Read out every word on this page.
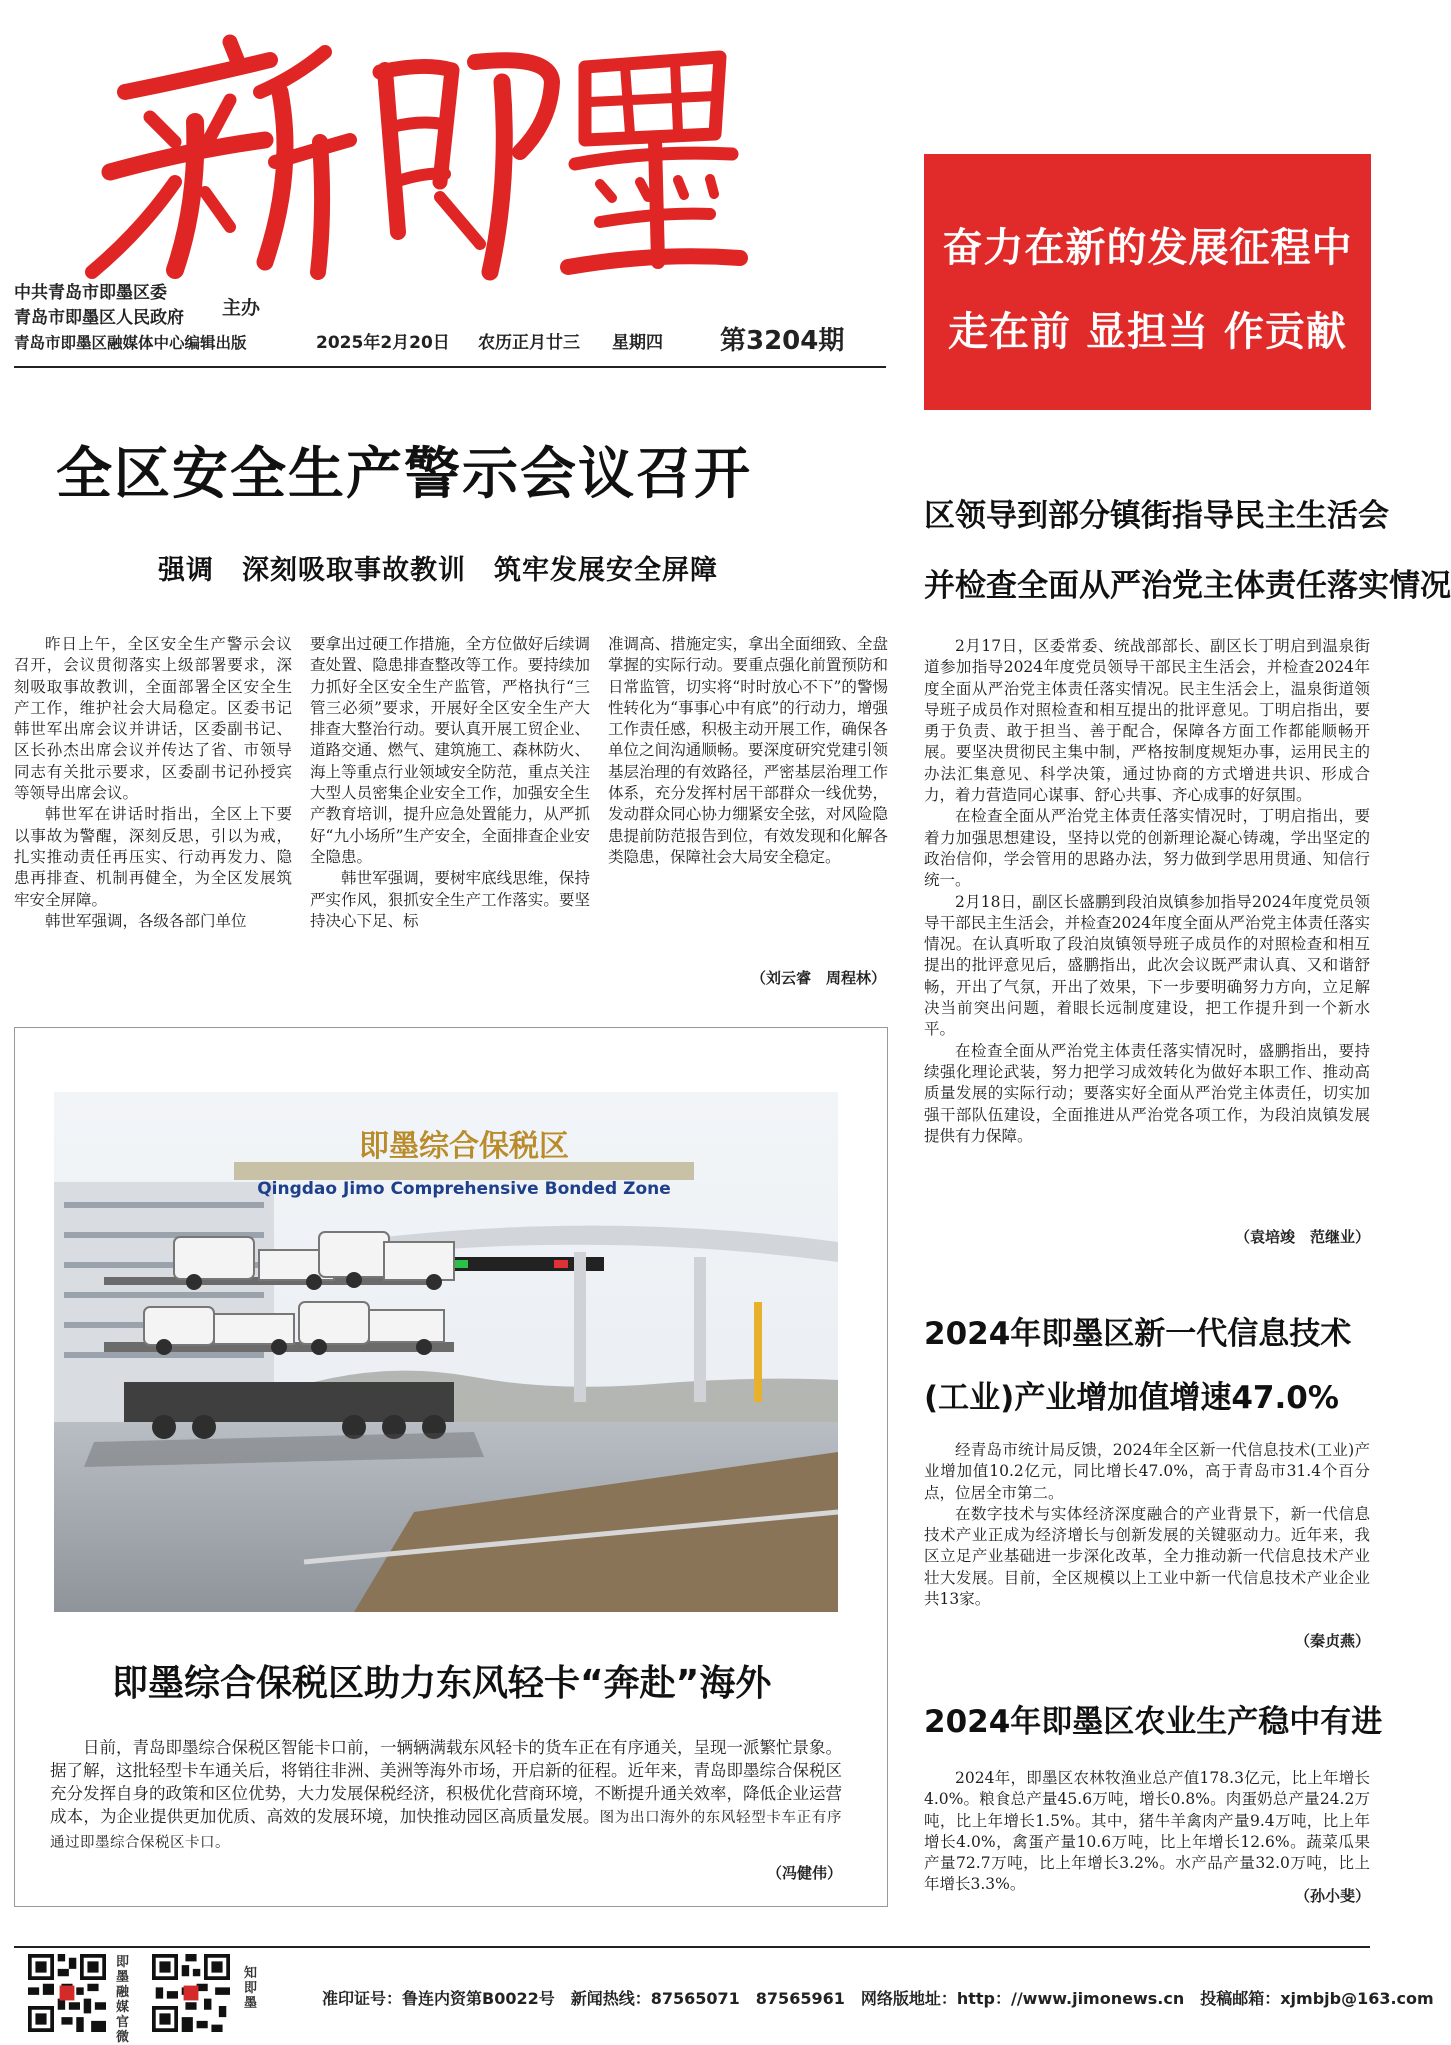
中共青岛市即墨区委
青岛市即墨区人民政府 主办
青岛市即墨区融媒体中心编辑出版	2025年2月20日 农历正月廿三 星期四 第3204期
奋力在新的发展征程中
走在前 显担当 作贡献
全区安全生产警示会议召开
强调　深刻吸取事故教训　筑牢发展安全屏障

昨日上午，全区安全生产警示会议召开，会议贯彻落实上级部署要求，深刻吸取事故教训，全面部署全区安全生产工作，维护社会大局稳定。区委书记韩世军出席会议并讲话，区委副书记、区长孙杰出席会议并传达了省、市领导同志有关批示要求，区委副书记孙授宾等领导出席会议。

韩世军在讲话时指出，全区上下要以事故为警醒，深刻反思，引以为戒，扎实推动责任再压实、行动再发力、隐患再排查、机制再健全，为全区发展筑牢安全屏障。

韩世军强调，各级各部门单位

要拿出过硬工作措施，全方位做好后续调查处置、隐患排查整改等工作。要持续加力抓好全区安全生产监管，严格执行“三管三必须”要求，开展好全区安全生产大排查大整治行动。要认真开展工贸企业、道路交通、燃气、建筑施工、森林防火、海上等重点行业领域安全防范，重点关注大型人员密集企业安全工作，加强安全生产教育培训，提升应急处置能力，从严抓好“九小场所”生产安全，全面排查企业安全隐患。

韩世军强调，要树牢底线思维，保持严实作风，狠抓安全生产工作落实。要坚持决心下足、标

准调高、措施定实，拿出全面细致、全盘掌握的实际行动。要重点强化前置预防和日常监管，切实将“时时放心不下”的警惕性转化为“事事心中有底”的行动力，增强工作责任感，积极主动开展工作，确保各单位之间沟通顺畅。要深度研究党建引领基层治理的有效路径，严密基层治理工作体系，充分发挥村居干部群众一线优势，发动群众同心协力绷紧安全弦，对风险隐患提前防范报告到位，有效发现和化解各类隐患，保障社会大局安全稳定。

（刘云睿　周程林）
即墨综合保税区
Qingdao Jimo Comprehensive Bonded Zone
即墨综合保税区助力东风轻卡“奔赴”海外

日前，青岛即墨综合保税区智能卡口前，一辆辆满载东风轻卡的货车正在有序通关，呈现一派繁忙景象。据了解，这批轻型卡车通关后，将销往非洲、美洲等海外市场，开启新的征程。近年来，青岛即墨综合保税区充分发挥自身的政策和区位优势，大力发展保税经济，积极优化营商环境，不断提升通关效率，降低企业运营成本，为企业提供更加优质、高效的发展环境，加快推动园区高质量发展。图为出口海外的东风轻型卡车正有序通过即墨综合保税区卡口。

（冯健伟）
区领导到部分镇街指导民主生活会
并检查全面从严治党主体责任落实情况

2月17日，区委常委、统战部部长、副区长丁明启到温泉街道参加指导2024年度党员领导干部民主生活会，并检查2024年度全面从严治党主体责任落实情况。民主生活会上，温泉街道领导班子成员作对照检查和相互提出的批评意见。丁明启指出，要勇于负责、敢于担当、善于配合，保障各方面工作都能顺畅开展。要坚决贯彻民主集中制，严格按制度规矩办事，运用民主的办法汇集意见、科学决策，通过协商的方式增进共识、形成合力，着力营造同心谋事、舒心共事、齐心成事的好氛围。

在检查全面从严治党主体责任落实情况时，丁明启指出，要着力加强思想建设，坚持以党的创新理论凝心铸魂，学出坚定的政治信仰，学会管用的思路办法，努力做到学思用贯通、知信行统一。

2月18日，副区长盛鹏到段泊岚镇参加指导2024年度党员领导干部民主生活会，并检查2024年度全面从严治党主体责任落实情况。在认真听取了段泊岚镇领导班子成员作的对照检查和相互提出的批评意见后，盛鹏指出，此次会议既严肃认真、又和谐舒畅，开出了气氛，开出了效果，下一步要明确努力方向，立足解决当前突出问题，着眼长远制度建设，把工作提升到一个新水平。

在检查全面从严治党主体责任落实情况时，盛鹏指出，要持续强化理论武装，努力把学习成效转化为做好本职工作、推动高质量发展的实际行动；要落实好全面从严治党主体责任，切实加强干部队伍建设，全面推进从严治党各项工作，为段泊岚镇发展提供有力保障。

（袁培竣　范继业）
2024年即墨区新一代信息技术
(工业)产业增加值增速47.0%

经青岛市统计局反馈，2024年全区新一代信息技术(工业)产业增加值10.2亿元，同比增长47.0%，高于青岛市31.4个百分点，位居全市第二。

在数字技术与实体经济深度融合的产业背景下，新一代信息技术产业正成为经济增长与创新发展的关键驱动力。近年来，我区立足产业基础进一步深化改革，全力推动新一代信息技术产业壮大发展。目前，全区规模以上工业中新一代信息技术产业企业共13家。

（秦贞燕）
2024年即墨区农业生产稳中有进

2024年，即墨区农林牧渔业总产值178.3亿元，比上年增长4.0%。粮食总产量45.6万吨，增长0.8%。肉蛋奶总产量24.2万吨，比上年增长1.5%。其中，猪牛羊禽肉产量9.4万吨，比上年增长4.0%，禽蛋产量10.6万吨，比上年增长12.6%。蔬菜瓜果产量72.7万吨，比上年增长3.2%。水产品产量32.0万吨，比上年增长3.3%。

（孙小斐）
即墨融媒官微
知即墨	准印证号：鲁连内资第B0022号　新闻热线：87565071　87565961　网络版地址：http：//www.jimonews.cn　投稿邮箱：xjmbjb@163.com
